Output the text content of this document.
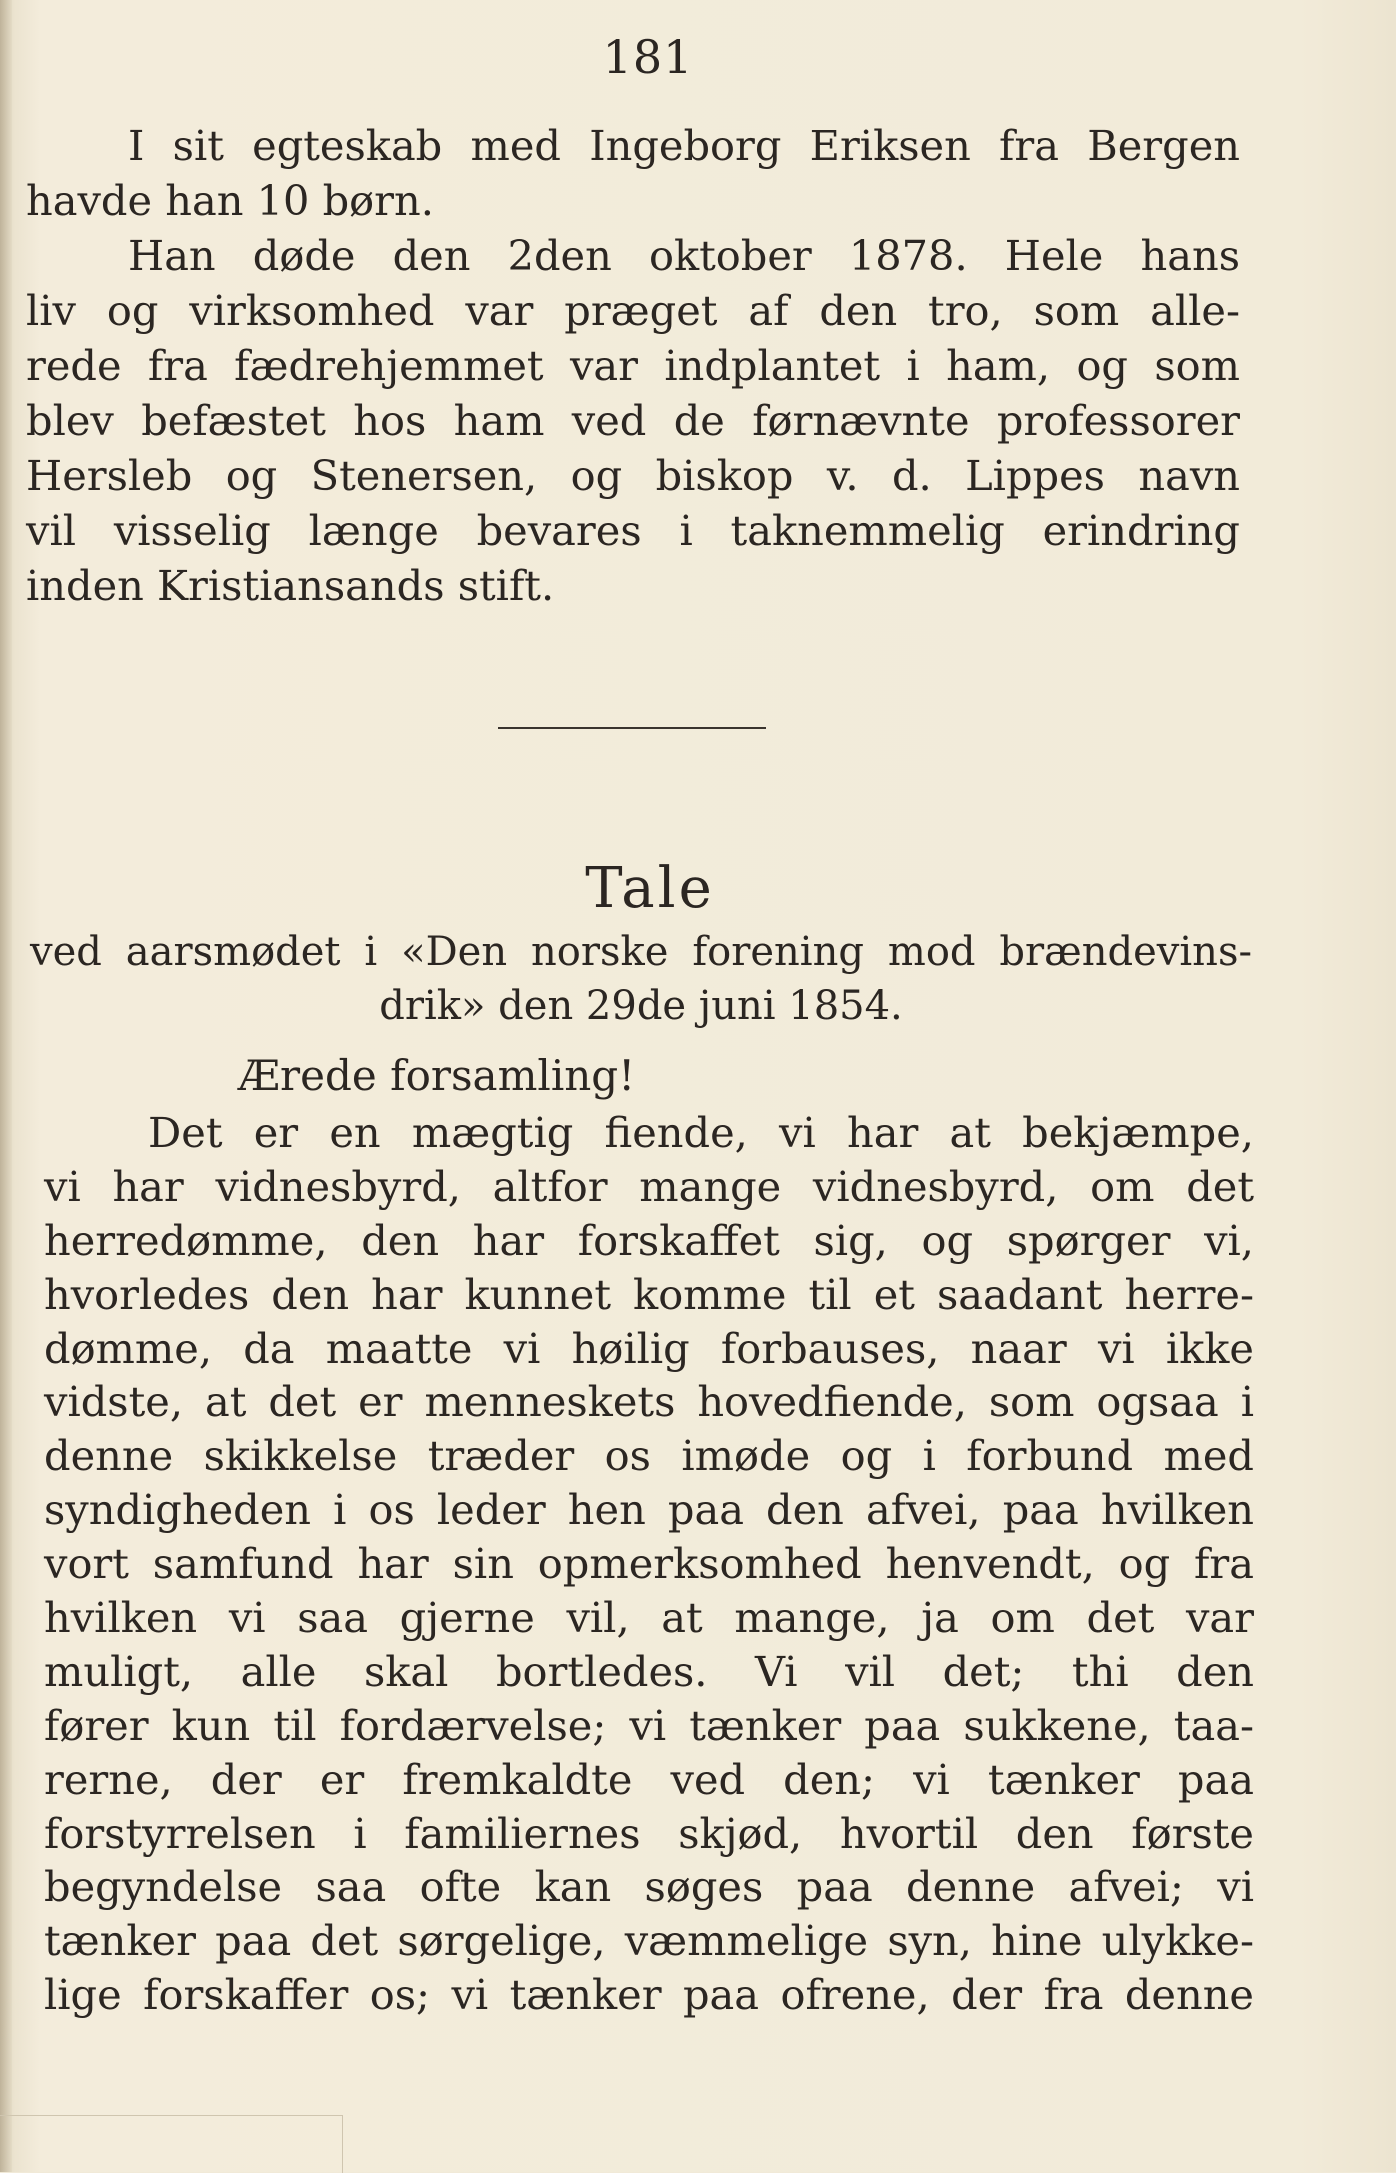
181
I sit egteskab med Ingeborg Eriksen fra Bergen
havde han 10 børn.
Han døde den 2den oktober 1878. Hele hans
liv og virksomhed var præget af den tro, som alle-
rede fra fædrehjemmet var indplantet i ham, og som
blev befæstet hos ham ved de førnævnte professorer
Hersleb og Stenersen, og biskop v. d. Lippes navn
vil visselig længe bevares i taknemmelig erindring
inden Kristiansands stift.
Tale
ved aarsmødet i «Den norske forening mod brændevins-
drik» den 29de juni 1854.
Ærede forsamling!
Det er en mægtig fiende, vi har at bekjæmpe,
vi har vidnesbyrd, altfor mange vidnesbyrd, om det
herredømme, den har forskaffet sig, og spørger vi,
hvorledes den har kunnet komme til et saadant herre-
dømme, da maatte vi høilig forbauses, naar vi ikke
vidste, at det er menneskets hovedfiende, som ogsaa i
denne skikkelse træder os imøde og i forbund med
syndigheden i os leder hen paa den afvei, paa hvilken
vort samfund har sin opmerksomhed henvendt, og fra
hvilken vi saa gjerne vil, at mange, ja om det var
muligt, alle skal bortledes. Vi vil det; thi den
fører kun til fordærvelse; vi tænker paa sukkene, taa-
rerne, der er fremkaldte ved den; vi tænker paa
forstyrrelsen i familiernes skjød, hvortil den første
begyndelse saa ofte kan søges paa denne afvei; vi
tænker paa det sørgelige, væmmelige syn, hine ulykke-
lige forskaffer os; vi tænker paa ofrene, der fra denne
